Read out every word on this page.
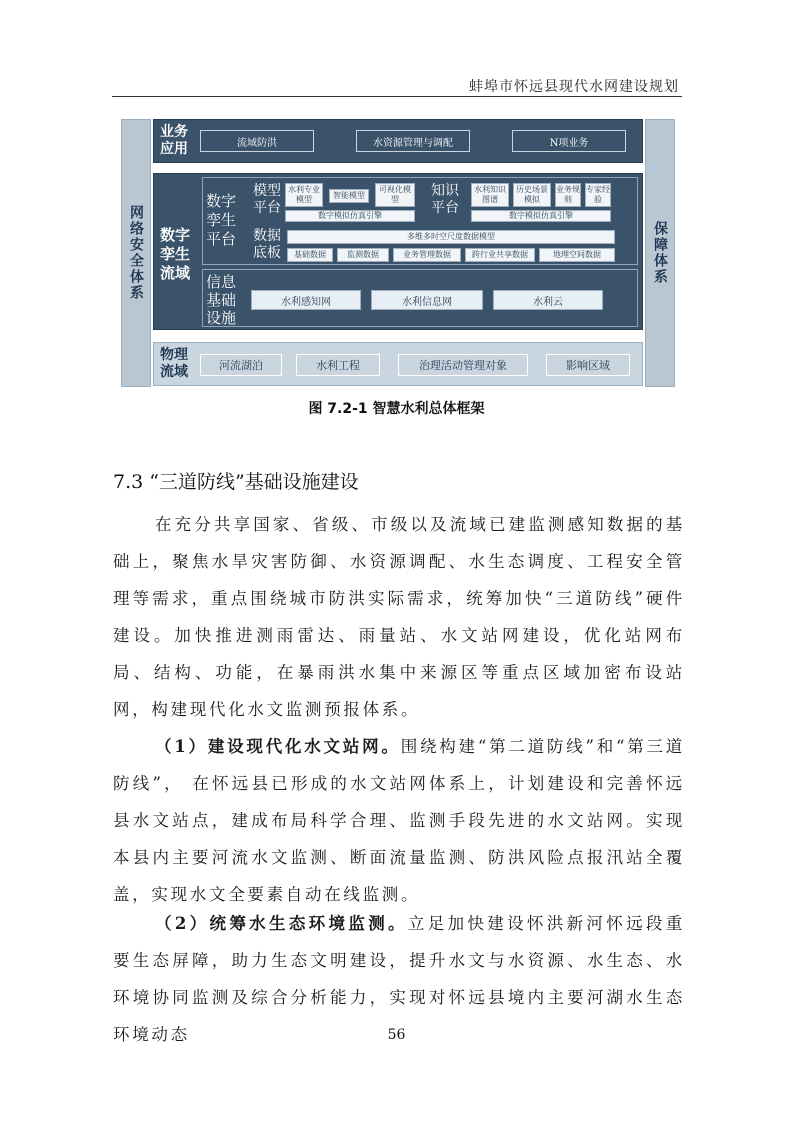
蚌埠市怀远县现代水网建设规划
网络安全体系	保障体系
业务应用	流域防洪	水资源管理与调配	N项业务
数字孪生流域
数字孪生平台
模型平台
水利专业模型	智能模型
可视化模型
数字模拟仿真引擎
知识平台
水利知识图谱
历史场景模拟
业务规则
专家经验
数字模拟仿真引擎
数据底板
多维多时空尺度数据模型
基础数据	监测数据	业务管理数据	跨行业共享数据	地理空间数据
信息基础设施
水利感知网	水利信息网	水利云
物理流域	河流湖泊	水利工程	治理活动管理对象	影响区域
图 7.2-1 智慧水利总体框架
7.3 “三道防线”基础设施建设
在充分共享国家、省级、市级以及流域已建监测感知数据的基础上，聚焦水旱灾害防御、水资源调配、水生态调度、工程安全管理等需求，重点围绕城市防洪实际需求，统筹加快“三道防线”硬件建设。加快推进测雨雷达、雨量站、水文站网建设，优化站网布局、结构、功能，在暴雨洪水集中来源区等重点区域加密布设站网，构建现代化水文监测预报体系。
（1）建设现代化水文站网。围绕构建“第二道防线”和“第三道防线”， 在怀远县已形成的水文站网体系上，计划建设和完善怀远县水文站点，建成布局科学合理、监测手段先进的水文站网。实现本县内主要河流水文监测、断面流量监测、防洪风险点报汛站全覆盖，实现水文全要素自动在线监测。
（2）统筹水生态环境监测。立足加快建设怀洪新河怀远段重要生态屏障，助力生态文明建设，提升水文与水资源、水生态、水环境协同监测及综合分析能力，实现对怀远县境内主要河湖水生态环境动态	56
